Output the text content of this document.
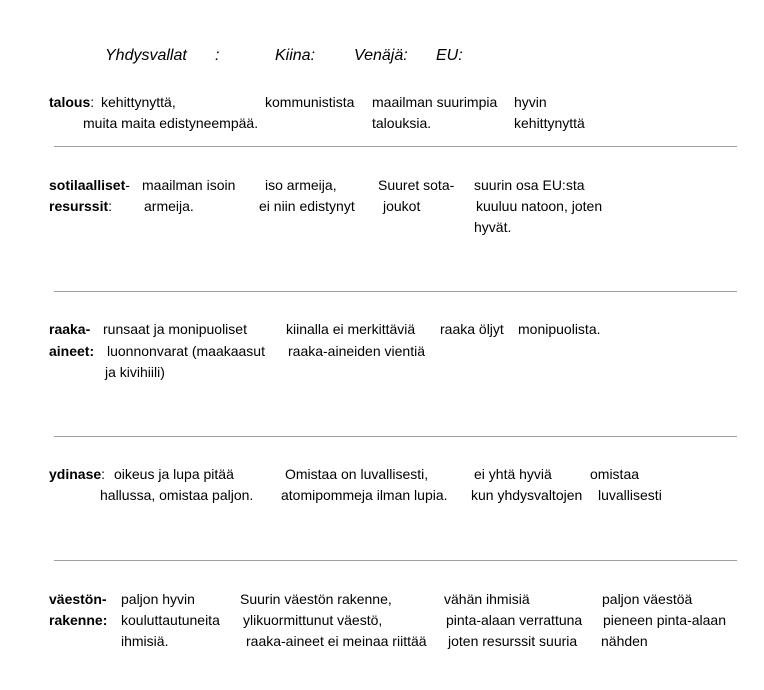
Yhdysvallat :	Kiina: Venäjä: EU:
talous: kehittynyttä,
muita maita edistyneempää.
kommunistista maailman suurimpia
talouksia.
hyvin
kehittynyttä
sotilaalliset-
resurssit:
maailman isoin
armeija.
iso armeija,
ei niin edistynyt
Suuret sota-
joukot
suurin osa EU:sta
kuuluu natoon, joten
hyvät.
raaka-
aineet:
runsaat ja monipuoliset
luonnonvarat (maakaasut
ja kivihiili)
kiinalla ei merkittäviä
raaka-aineiden vientiä
raaka öljyt monipuolista.
ydinase: oikeus ja lupa pitää
hallussa, omistaa paljon.
Omistaa on luvallisesti,
atomipommeja ilman lupia.
ei yhtä hyviä
kun yhdysvaltojen
omistaa
luvallisesti
väestön-
rakenne:
paljon hyvin
kouluttautuneita
ihmisiä.
Suurin väestön rakenne,
ylikuormittunut väestö,
raaka-aineet ei meinaa riittää
vähän ihmisiä
pinta-alaan verrattuna
joten resurssit suuria
paljon väestöä
pieneen pinta-alaan
nähden
